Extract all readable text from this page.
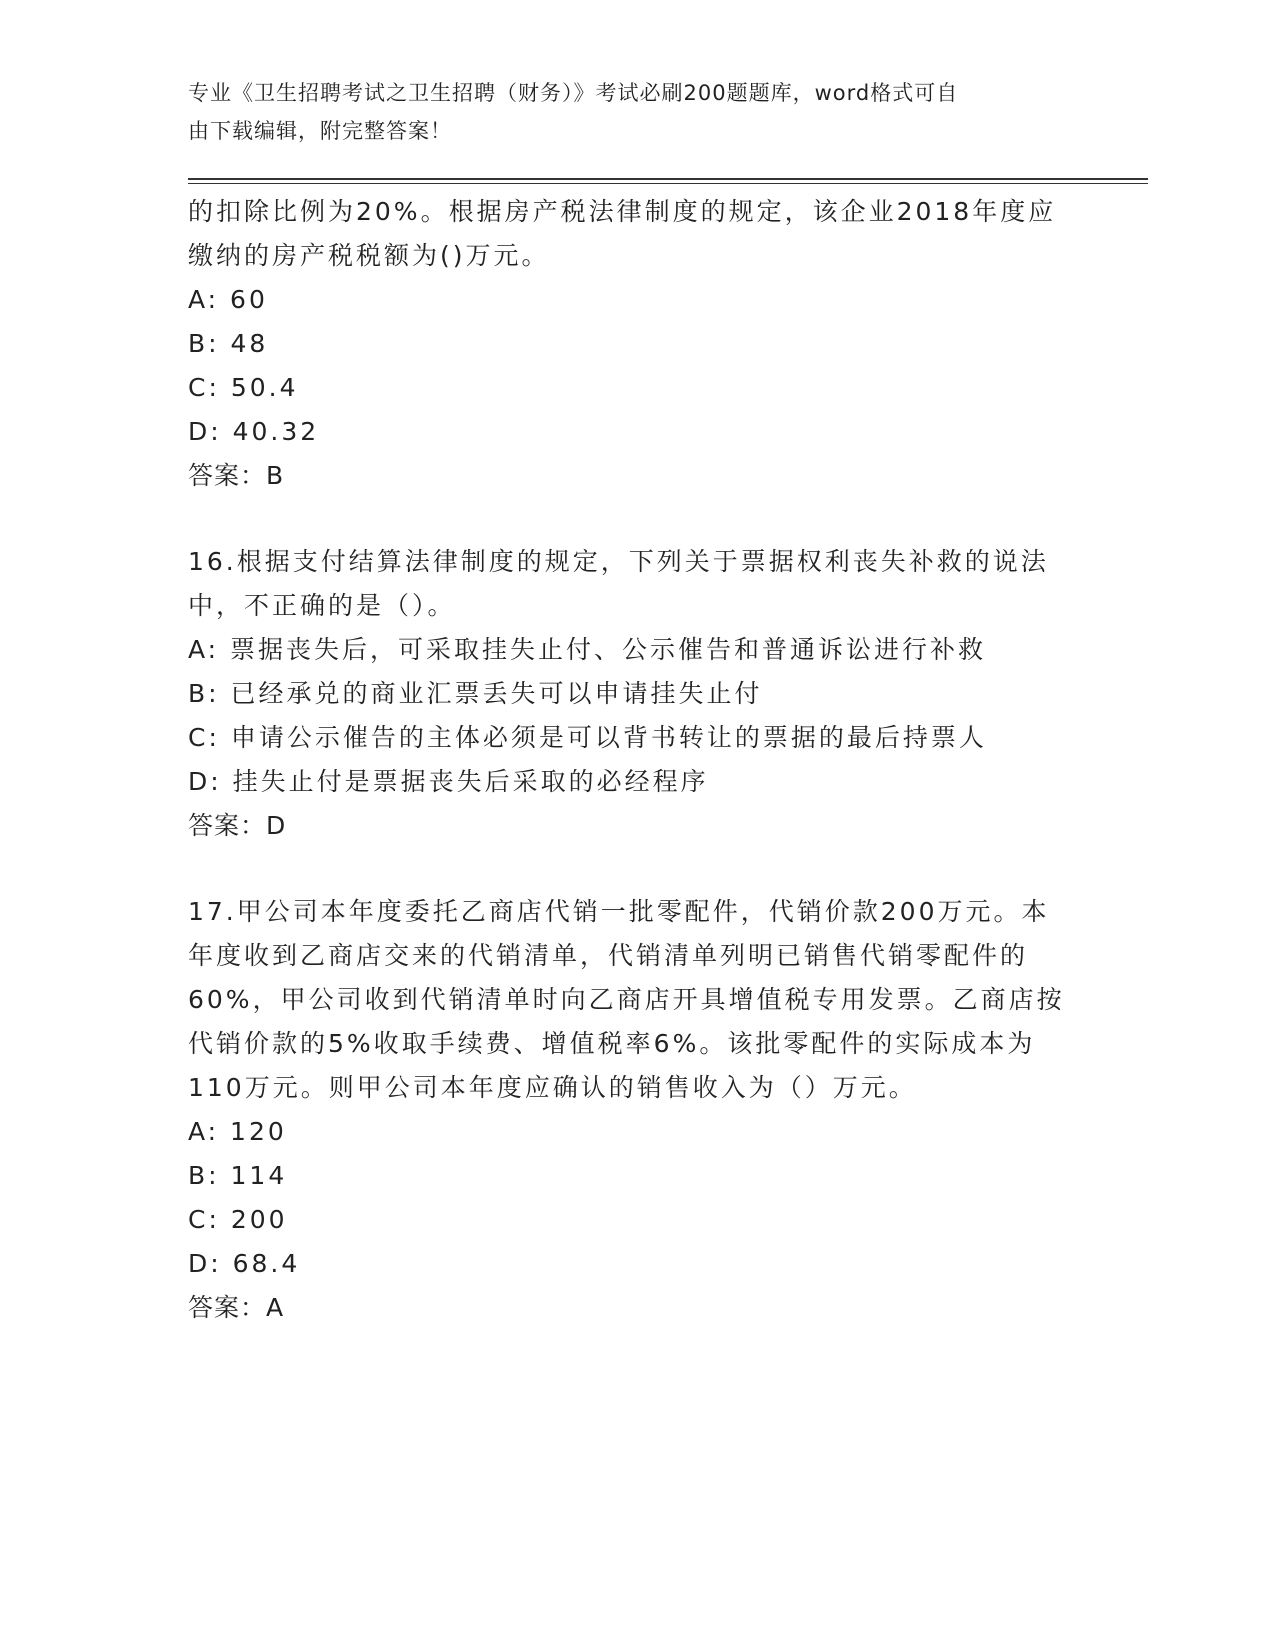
专业《卫生招聘考试之卫生招聘（财务）》考试必刷200题题库，word格式可自
由下载编辑，附完整答案！
的扣除比例为20%。根据房产税法律制度的规定，该企业2018年度应
缴纳的房产税税额为()万元。
A: 60
B: 48
C: 50.4
D: 40.32
答案：B
16.根据支付结算法律制度的规定，下列关于票据权利丧失补救的说法
中，不正确的是（）。
A: 票据丧失后，可采取挂失止付、公示催告和普通诉讼进行补救
B: 已经承兑的商业汇票丢失可以申请挂失止付
C: 申请公示催告的主体必须是可以背书转让的票据的最后持票人
D: 挂失止付是票据丧失后采取的必经程序
答案：D
17.甲公司本年度委托乙商店代销一批零配件，代销价款200万元。本
年度收到乙商店交来的代销清单，代销清单列明已销售代销零配件的
60%，甲公司收到代销清单时向乙商店开具增值税专用发票。乙商店按
代销价款的5%收取手续费、增值税率6%。该批零配件的实际成本为
110万元。则甲公司本年度应确认的销售收入为（）万元。
A: 120
B: 114
C: 200
D: 68.4
答案：A
